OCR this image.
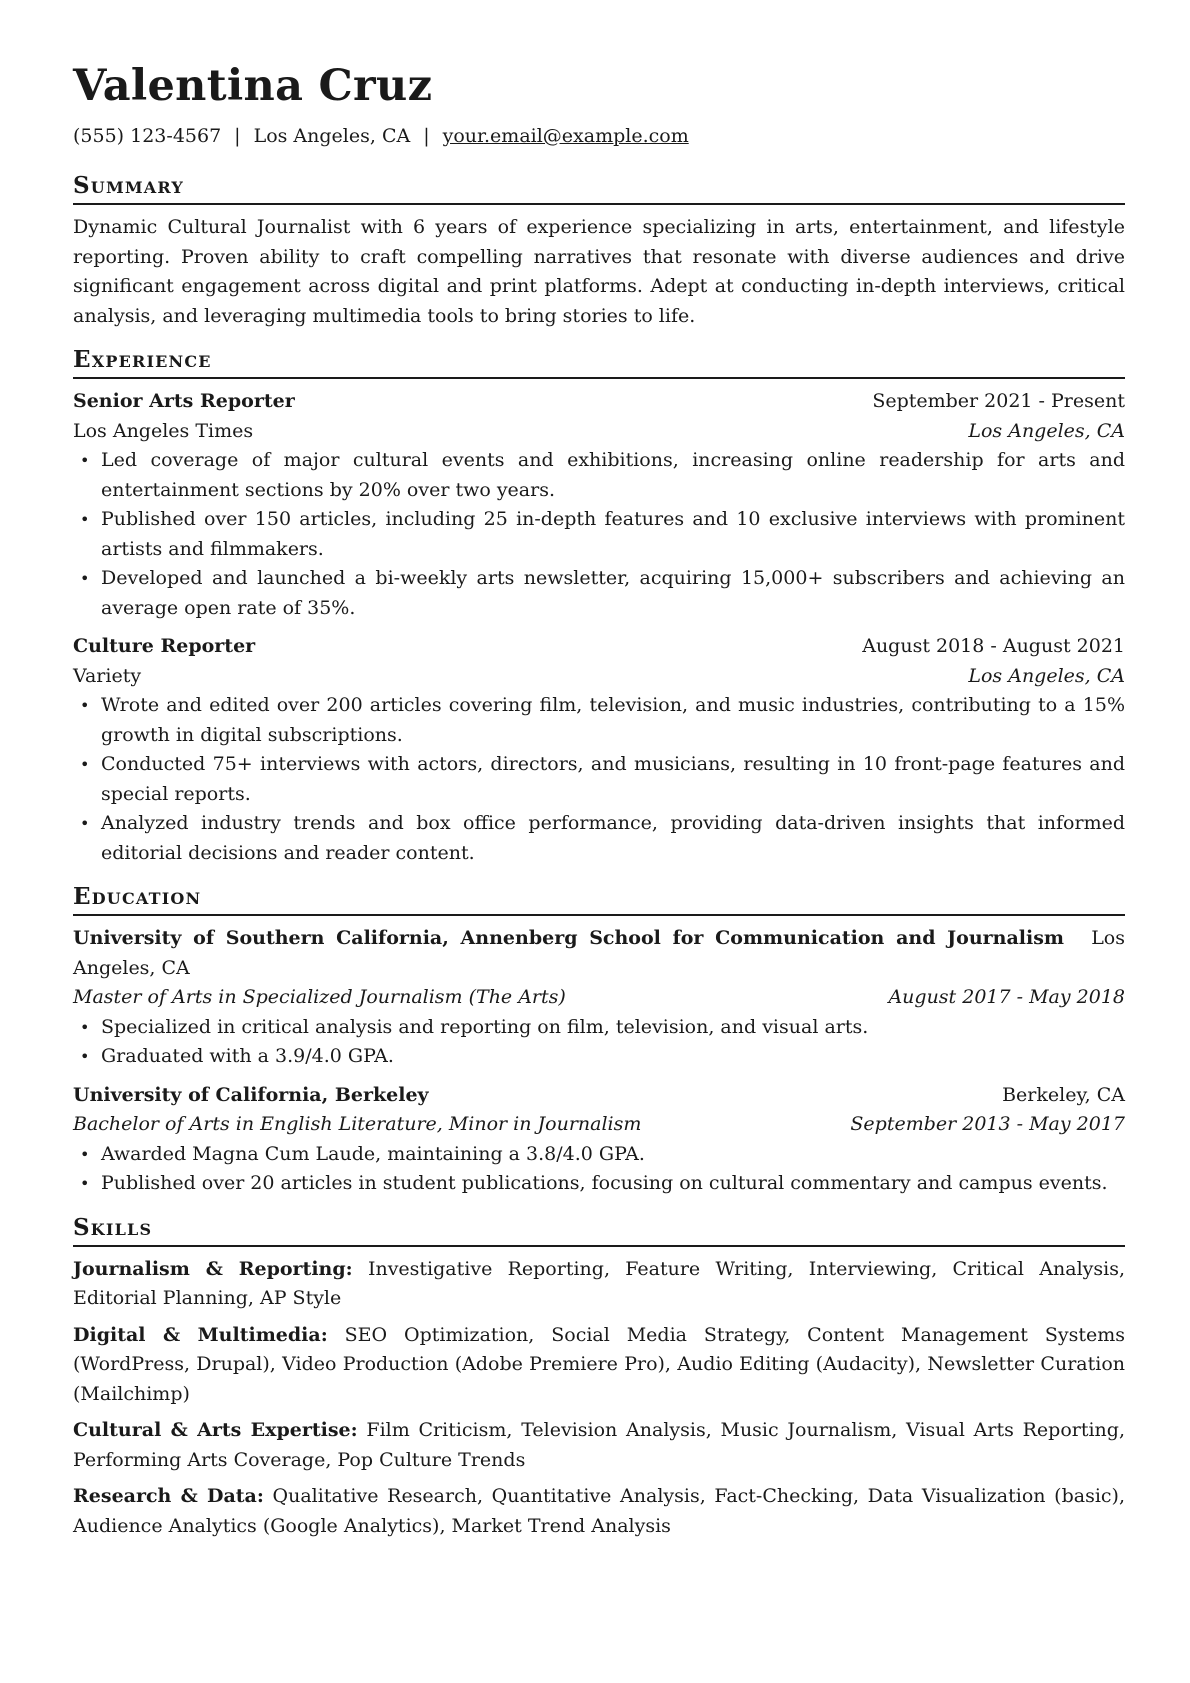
Valentina Cruz
(555) 123-4567 | Los Angeles, CA | your.email@example.com
Summary
Dynamic Cultural Journalist with 6 years of experience specializing in arts, entertainment, and lifestyle reporting. Proven ability to craft compelling narratives that resonate with diverse audiences and drive significant engagement across digital and print platforms. Adept at conducting in-depth interviews, critical analysis, and leveraging multimedia tools to bring stories to life.
Experience
Senior Arts Reporter	September 2021 - Present
Los Angeles Times	Los Angeles, CA
• Led coverage of major cultural events and exhibitions, increasing online readership for arts and entertainment sections by 20% over two years.
• Published over 150 articles, including 25 in-depth features and 10 exclusive interviews with prominent artists and filmmakers.
• Developed and launched a bi-weekly arts newsletter, acquiring 15,000+ subscribers and achieving an average open rate of 35%.
Culture Reporter	August 2018 - August 2021
Variety	Los Angeles, CA
• Wrote and edited over 200 articles covering film, television, and music industries, contributing to a 15% growth in digital subscriptions.
• Conducted 75+ interviews with actors, directors, and musicians, resulting in 10 front-page features and special reports.
• Analyzed industry trends and box office performance, providing data-driven insights that informed editorial decisions and reader content.
Education
University of Southern California, Annenberg School for Communication and Journalism Los Angeles, CA
Master of Arts in Specialized Journalism (The Arts)	August 2017 - May 2018
• Specialized in critical analysis and reporting on film, television, and visual arts.
• Graduated with a 3.9/4.0 GPA.
University of California, Berkeley	Berkeley, CA
Bachelor of Arts in English Literature, Minor in Journalism	September 2013 - May 2017
• Awarded Magna Cum Laude, maintaining a 3.8/4.0 GPA.
• Published over 20 articles in student publications, focusing on cultural commentary and campus events.
Skills
Journalism & Reporting: Investigative Reporting, Feature Writing, Interviewing, Critical Analysis, Editorial Planning, AP Style
Digital & Multimedia: SEO Optimization, Social Media Strategy, Content Management Systems (WordPress, Drupal), Video Production (Adobe Premiere Pro), Audio Editing (Audacity), Newsletter Curation (Mailchimp)
Cultural & Arts Expertise: Film Criticism, Television Analysis, Music Journalism, Visual Arts Reporting, Performing Arts Coverage, Pop Culture Trends
Research & Data: Qualitative Research, Quantitative Analysis, Fact-Checking, Data Visualization (basic), Audience Analytics (Google Analytics), Market Trend Analysis
